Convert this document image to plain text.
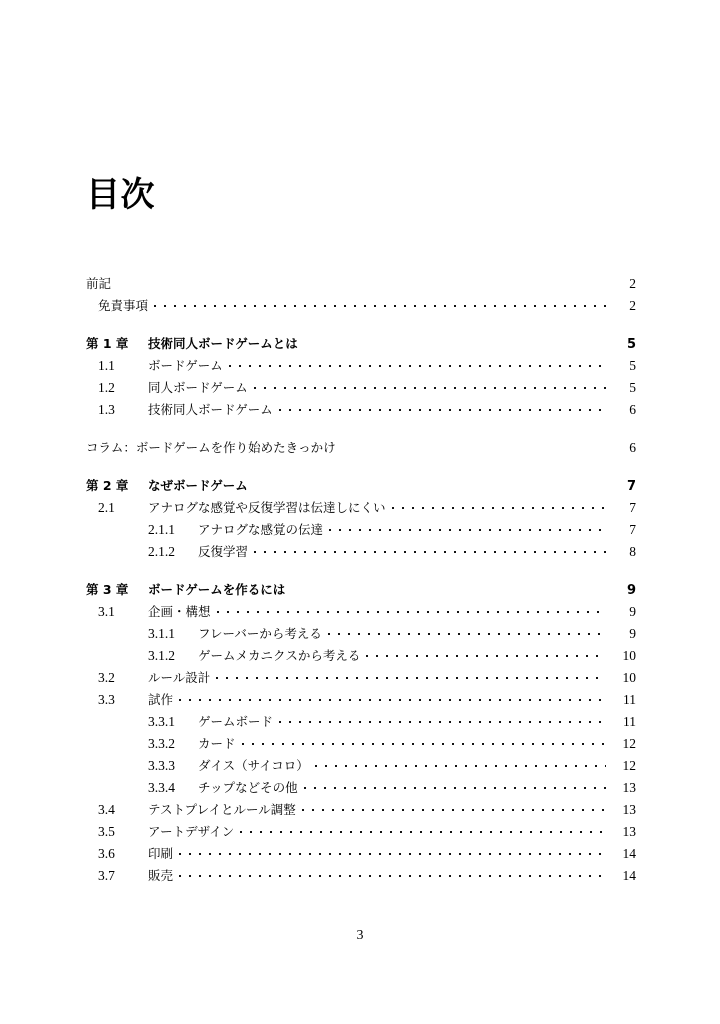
目次
前記	2
免責事項	2
第 1 章	技術同人ボードゲームとは	5
1.1	ボードゲーム	5
1.2	同人ボードゲーム	5
1.3	技術同人ボードゲーム	6
コラム：ボードゲームを作り始めたきっかけ	6
第 2 章	なぜボードゲーム	7
2.1	アナログな感覚や反復学習は伝達しにくい	7
2.1.1	アナログな感覚の伝達	7
2.1.2	反復学習	8
第 3 章	ボードゲームを作るには	9
3.1	企画・構想	9
3.1.1	フレーバーから考える	9
3.1.2	ゲームメカニクスから考える	10
3.2	ルール設計	10
3.3	試作	11
3.3.1	ゲームボード	11
3.3.2	カード	12
3.3.3	ダイス（サイコロ）	12
3.3.4	チップなどその他	13
3.4	テストプレイとルール調整	13
3.5	アートデザイン	13
3.6	印刷	14
3.7	販売	14
3
